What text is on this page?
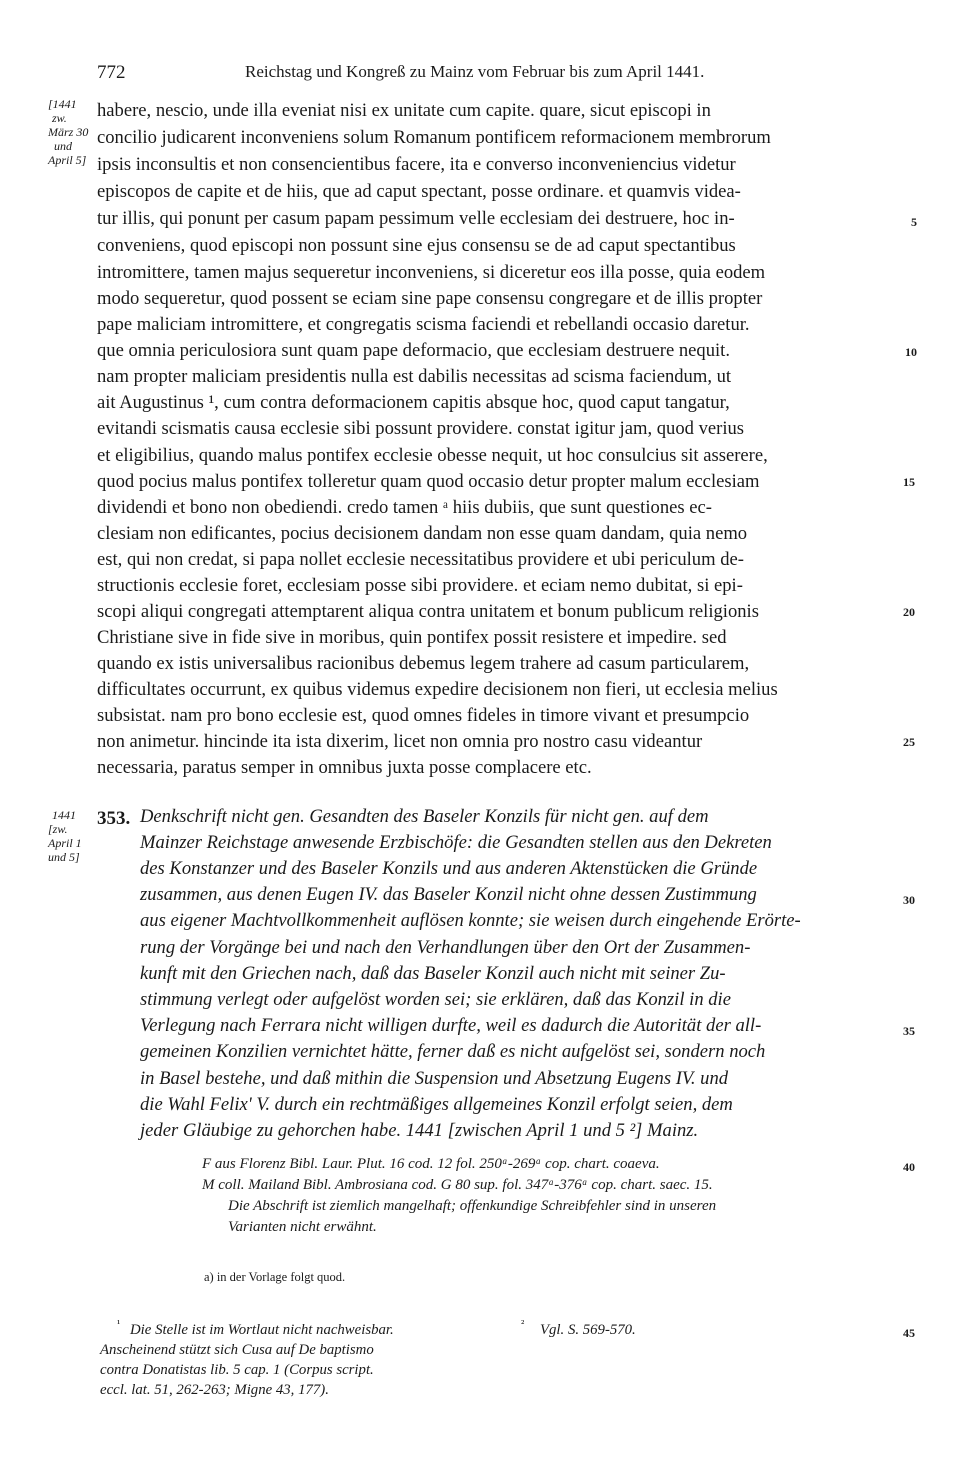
772	Reichstag und Kongreß zu Mainz vom Februar bis zum April 1441.
[1441
zw.
März 30
und
April 5]
habere, nescio, unde illa eveniat nisi ex unitate cum capite. quare, sicut episcopi in
concilio judicarent inconveniens solum Romanum pontificem reformacionem membrorum
ipsis inconsultis et non consencientibus facere, ita e converso inconveniencius videtur
episcopos de capite et de hiis, que ad caput spectant, posse ordinare. et quamvis videa-
tur illis, qui ponunt per casum papam pessimum velle ecclesiam dei destruere, hoc in-
conveniens, quod episcopi non possunt sine ejus consensu se de ad caput spectantibus
intromittere, tamen majus sequeretur inconveniens, si diceretur eos illa posse, quia eodem
modo sequeretur, quod possent se eciam sine pape consensu congregare et de illis propter
pape maliciam intromittere, et congregatis scisma faciendi et rebellandi occasio daretur.
que omnia periculosiora sunt quam pape deformacio, que ecclesiam destruere nequit.
nam propter maliciam presidentis nulla est dabilis necessitas ad scisma faciendum, ut
ait Augustinus ¹, cum contra deformacionem capitis absque hoc, quod caput tangatur,
evitandi scismatis causa ecclesie sibi possunt providere. constat igitur jam, quod verius
et eligibilius, quando malus pontifex ecclesie obesse nequit, ut hoc consulcius sit asserere,
quod pocius malus pontifex tolleretur quam quod occasio detur propter malum ecclesiam
dividendi et bono non obediendi. credo tamen ᵃ hiis dubiis, que sunt questiones ec-
clesiam non edificantes, pocius decisionem dandam non esse quam dandam, quia nemo
est, qui non credat, si papa nollet ecclesie necessitatibus providere et ubi periculum de-
structionis ecclesie foret, ecclesiam posse sibi providere. et eciam nemo dubitat, si epi-
scopi aliqui congregati attemptarent aliqua contra unitatem et bonum publicum religionis
Christiane sive in fide sive in moribus, quin pontifex possit resistere et impedire. sed
quando ex istis universalibus racionibus debemus legem trahere ad casum particularem,
difficultates occurrunt, ex quibus videmus expedire decisionem non fieri, ut ecclesia melius
subsistat. nam pro bono ecclesie est, quod omnes fideles in timore vivant et presumpcio
non animetur. hincinde ita ista dixerim, licet non omnia pro nostro casu videantur
necessaria, paratus semper in omnibus juxta posse complacere etc.
5
10
15
20
25
1441
[zw.
April 1
und 5]
353. Denkschrift nicht gen. Gesandten des Baseler Konzils für nicht gen. auf dem
Mainzer Reichstage anwesende Erzbischöfe: die Gesandten stellen aus den Dekreten
des Konstanzer und des Baseler Konzils und aus anderen Aktenstücken die Gründe
zusammen, aus denen Eugen IV. das Baseler Konzil nicht ohne dessen Zustimmung
aus eigener Machtvollkommenheit auflösen konnte; sie weisen durch eingehende Erörte-
rung der Vorgänge bei und nach den Verhandlungen über den Ort der Zusammen-
kunft mit den Griechen nach, daß das Baseler Konzil auch nicht mit seiner Zu-
stimmung verlegt oder aufgelöst worden sei; sie erklären, daß das Konzil in die
Verlegung nach Ferrara nicht willigen durfte, weil es dadurch die Autorität der all-
gemeinen Konzilien vernichtet hätte, ferner daß es nicht aufgelöst sei, sondern noch
in Basel bestehe, und daß mithin die Suspension und Absetzung Eugens IV. und
die Wahl Felix' V. durch ein rechtmäßiges allgemeines Konzil erfolgt seien, dem
jeder Gläubige zu gehorchen habe. 1441 [zwischen April 1 und 5 ²] Mainz.
30
35
F aus Florenz Bibl. Laur. Plut. 16 cod. 12 fol. 250ᵃ-269ᵃ cop. chart. coaeva.
M coll. Mailand Bibl. Ambrosiana cod. G 80 sup. fol. 347ᵃ-376ᵃ cop. chart. saec. 15.
Die Abschrift ist ziemlich mangelhaft; offenkundige Schreibfehler sind in unseren
Varianten nicht erwähnt.
40
a) in der Vorlage folgt quod.
¹ Die Stelle ist im Wortlaut nicht nachweisbar.
Anscheinend stützt sich Cusa auf De baptismo
contra Donatistas lib. 5 cap. 1 (Corpus script.
eccl. lat. 51, 262-263; Migne 43, 177).
² Vgl. S. 569-570.	45
